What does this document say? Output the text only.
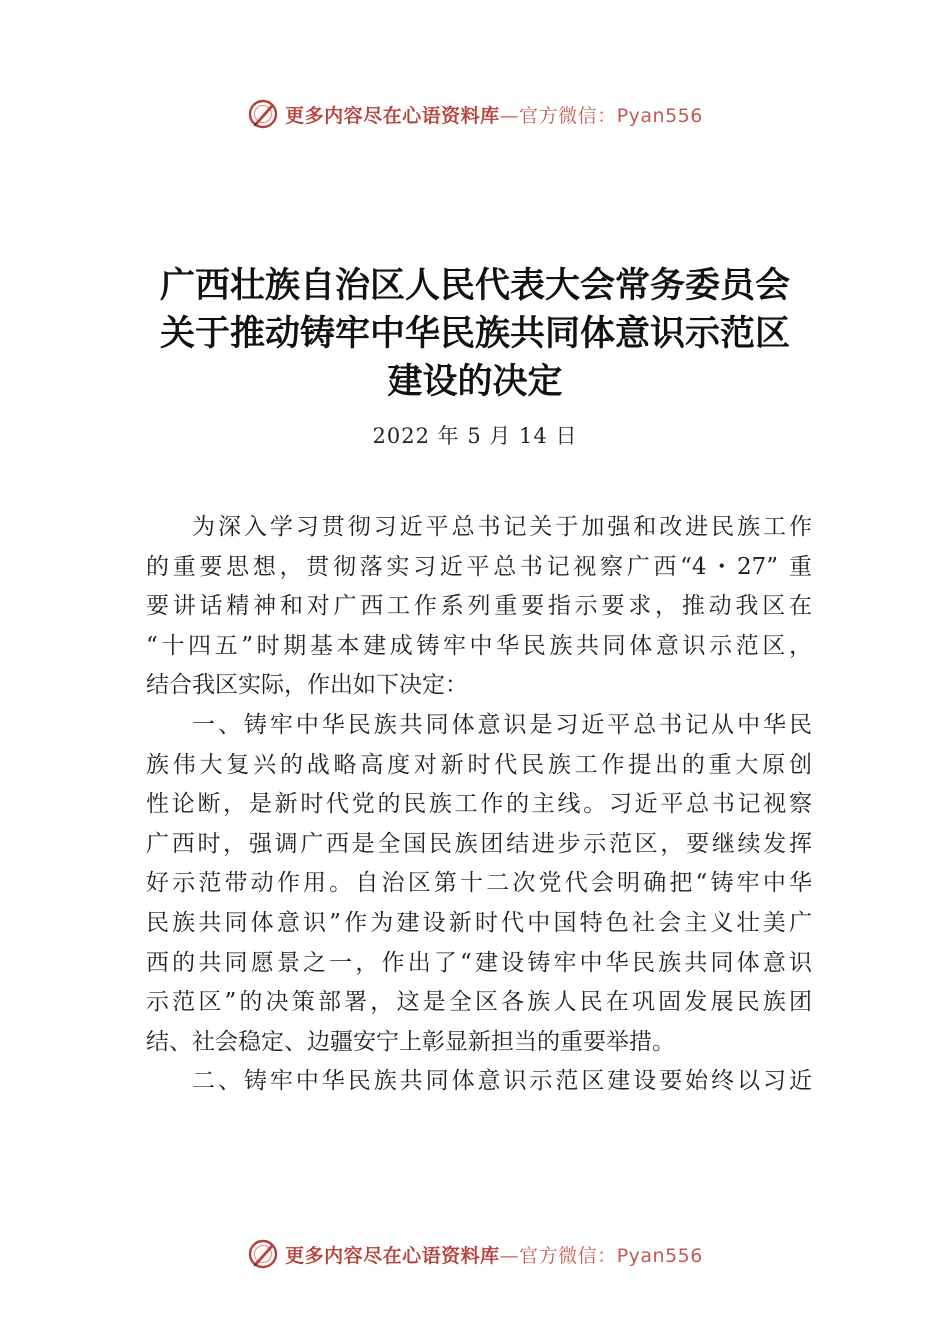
更多内容尽在心语资料库—官方微信：Pyan556
广西壮族自治区人民代表大会常务委员会
关于推动铸牢中华民族共同体意识示范区
建设的决定
2022 年 5 月 14 日
为深入学习贯彻习近平总书记关于加强和改进民族工作
的重要思想，贯彻落实习近平总书记视察广西“4・27” 重
要讲话精神和对广西工作系列重要指示要求，推动我区在
“十四五”时期基本建成铸牢中华民族共同体意识示范区，
结合我区实际，作出如下决定：
一、铸牢中华民族共同体意识是习近平总书记从中华民
族伟大复兴的战略高度对新时代民族工作提出的重大原创
性论断，是新时代党的民族工作的主线。习近平总书记视察
广西时，强调广西是全国民族团结进步示范区，要继续发挥
好示范带动作用。自治区第十二次党代会明确把“铸牢中华
民族共同体意识”作为建设新时代中国特色社会主义壮美广
西的共同愿景之一，作出了“建设铸牢中华民族共同体意识
示范区”的决策部署，这是全区各族人民在巩固发展民族团
结、社会稳定、边疆安宁上彰显新担当的重要举措。
二、铸牢中华民族共同体意识示范区建设要始终以习近
更多内容尽在心语资料库—官方微信：Pyan556
